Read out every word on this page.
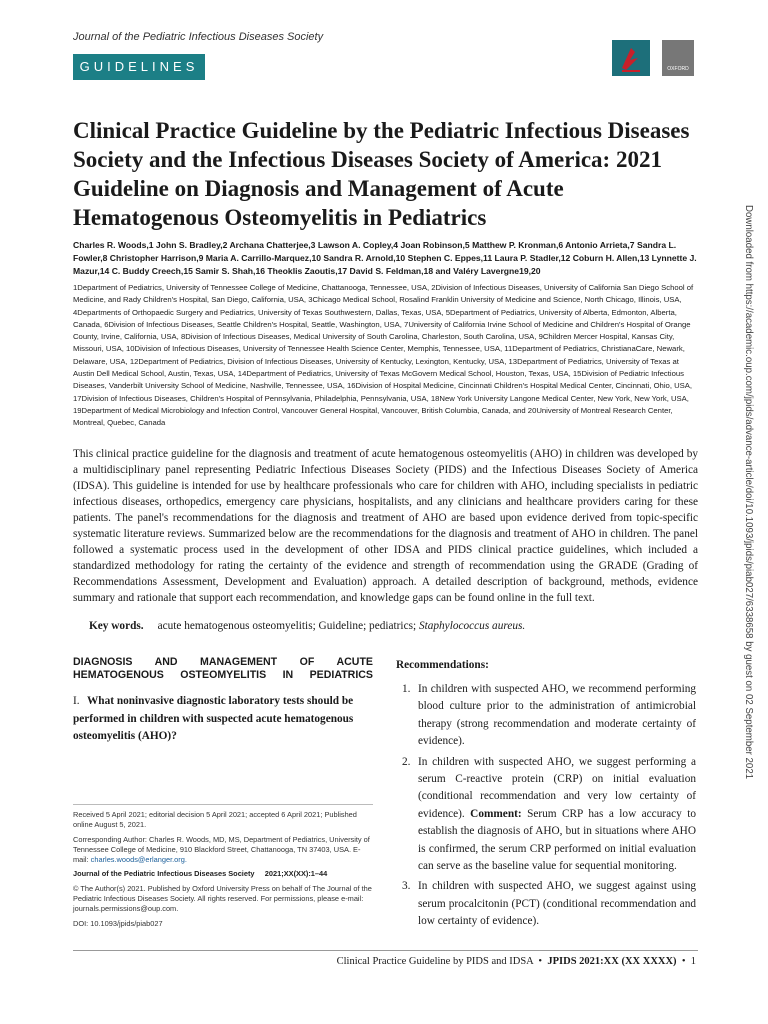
Journal of the Pediatric Infectious Diseases Society
GUIDELINES	OXFORD
Clinical Practice Guideline by the Pediatric Infectious Diseases Society and the Infectious Diseases Society of America: 2021 Guideline on Diagnosis and Management of Acute Hematogenous Osteomyelitis in Pediatrics
Charles R. Woods,1 John S. Bradley,2 Archana Chatterjee,3 Lawson A. Copley,4 Joan Robinson,5 Matthew P. Kronman,6 Antonio Arrieta,7 Sandra L. Fowler,8 Christopher Harrison,9 Maria A. Carrillo-Marquez,10 Sandra R. Arnold,10 Stephen C. Eppes,11 Laura P. Stadler,12 Coburn H. Allen,13 Lynnette J. Mazur,14 C. Buddy Creech,15 Samir S. Shah,16 Theoklis Zaoutis,17 David S. Feldman,18 and Valéry Lavergne19,20
1Department of Pediatrics, University of Tennessee College of Medicine, Chattanooga, Tennessee, USA, 2Division of Infectious Diseases, University of California San Diego School of Medicine, and Rady Children's Hospital, San Diego, California, USA, 3Chicago Medical School, Rosalind Franklin University of Medicine and Science, North Chicago, Illinois, USA, 4Departments of Orthopaedic Surgery and Pediatrics, University of Texas Southwestern, Dallas, Texas, USA, 5Department of Pediatrics, University of Alberta, Edmonton, Alberta, Canada, 6Division of Infectious Diseases, Seattle Children's Hospital, Seattle, Washington, USA, 7University of California Irvine School of Medicine and Children's Hospital of Orange County, Irvine, California, USA, 8Division of Infectious Diseases, Medical University of South Carolina, Charleston, South Carolina, USA, 9Children Mercer Hospital, Kansas City, Missouri, USA, 10Division of Infectious Diseases, University of Tennessee Health Science Center, Memphis, Tennessee, USA, 11Department of Pediatrics, ChristianaCare, Newark, Delaware, USA, 12Department of Pediatrics, Division of Infectious Diseases, University of Kentucky, Lexington, Kentucky, USA, 13Department of Pediatrics, University of Texas at Austin Dell Medical School, Austin, Texas, USA, 14Department of Pediatrics, University of Texas McGovern Medical School, Houston, Texas, USA, 15Division of Pediatric Infectious Diseases, Vanderbilt University School of Medicine, Nashville, Tennessee, USA, 16Division of Hospital Medicine, Cincinnati Children's Hospital Medical Center, Cincinnati, Ohio, USA, 17Division of Infectious Diseases, Children's Hospital of Pennsylvania, Philadelphia, Pennsylvania, USA, 18New York University Langone Medical Center, New York, New York, USA, 19Department of Medical Microbiology and Infection Control, Vancouver General Hospital, Vancouver, British Columbia, Canada, and 20University of Montreal Research Center, Montreal, Quebec, Canada

This clinical practice guideline for the diagnosis and treatment of acute hematogenous osteomyelitis (AHO) in children was developed by a multidisciplinary panel representing Pediatric Infectious Diseases Society (PIDS) and the Infectious Diseases Society of America (IDSA). This guideline is intended for use by healthcare professionals who care for children with AHO, including specialists in pediatric infectious diseases, orthopedics, emergency care physicians, hospitalists, and any clinicians and healthcare providers caring for these patients. The panel's recommendations for the diagnosis and treatment of AHO are based upon evidence derived from topic-specific systematic literature reviews. Summarized below are the recommendations for the diagnosis and treatment of AHO in children. The panel followed a systematic process used in the development of other IDSA and PIDS clinical practice guidelines, which included a standardized methodology for rating the certainty of the evidence and strength of recommendation using the GRADE (Grading of Recommendations Assessment, Development and Evaluation) approach. A detailed description of background, methods, evidence summary and rationale that support each recommendation, and knowledge gaps can be found online in the full text.

Key words. acute hematogenous osteomyelitis; Guideline; pediatrics; Staphylococcus aureus.

DIAGNOSIS AND MANAGEMENT OF ACUTE HEMATOGENOUS OSTEOMYELITIS IN PEDIATRICS

I. What noninvasive diagnostic laboratory tests should be performed in children with suspected acute hematogenous osteomyelitis (AHO)?

Received 5 April 2021; editorial decision 5 April 2021; accepted 6 April 2021; Published online August 5, 2021.

Corresponding Author: Charles R. Woods, MD, MS, Department of Pediatrics, University of Tennessee College of Medicine, 910 Blackford Street, Chattanooga, TN 37403, USA. E-mail: charles.woods@erlanger.org.

Journal of the Pediatric Infectious Diseases Society     2021;XX(XX):1–44

© The Author(s) 2021. Published by Oxford University Press on behalf of The Journal of the Pediatric Infectious Diseases Society. All rights reserved. For permissions, please e-mail: journals.permissions@oup.com.

DOI: 10.1093/jpids/piab027

Recommendations:
1. In children with suspected AHO, we recommend performing blood culture prior to the administration of antimicrobial therapy (strong recommendation and moderate certainty of evidence).
2. In children with suspected AHO, we suggest performing a serum C-reactive protein (CRP) on initial evaluation (conditional recommendation and very low certainty of evidence). Comment: Serum CRP has a low accuracy to establish the diagnosis of AHO, but in situations where AHO is confirmed, the serum CRP performed on initial evaluation can serve as the baseline value for sequential monitoring.
3. In children with suspected AHO, we suggest against using serum procalcitonin (PCT) (conditional recommendation and low certainty of evidence).
Clinical Practice Guideline by PIDS and IDSA • JPIDS 2021:XX (XX XXXX) • 1
Downloaded from https://academic.oup.com/jpids/advance-article/doi/10.1093/jpids/piab027/6338658 by guest on 02 September 2021
